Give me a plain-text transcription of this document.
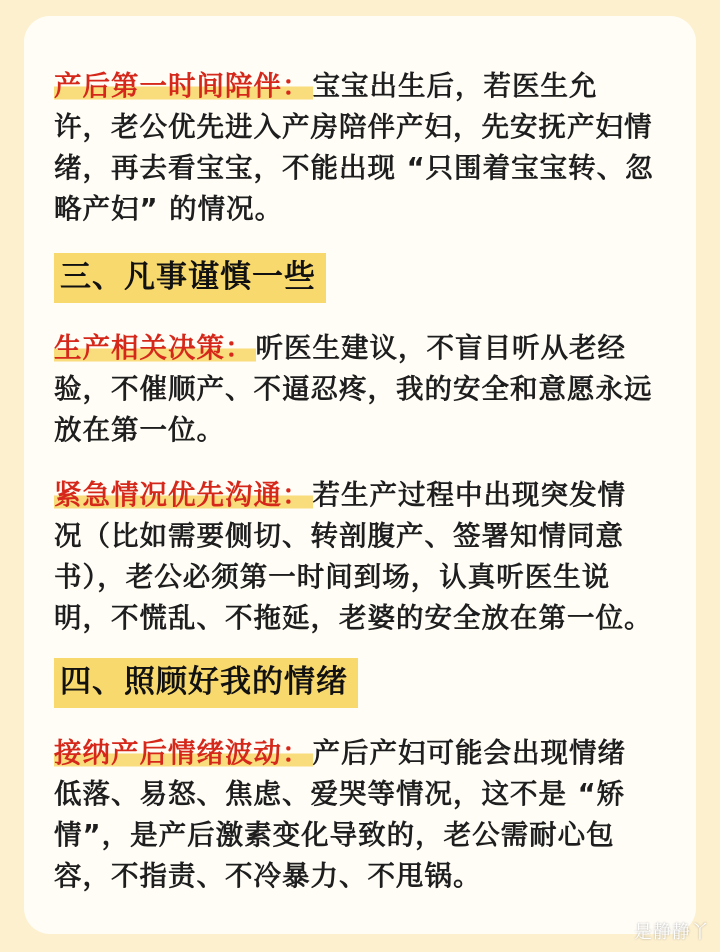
产后第一时间陪伴：宝宝出生后，若医生允许，老公优先进入产房陪伴产妇，先安抚产妇情绪，再去看宝宝，不能出现 “只围着宝宝转、忽略产妇” 的情况。

三、凡事谨慎一些

生产相关决策：听医生建议，不盲目听从老经验，不催顺产、不逼忍疼，我的安全和意愿永远放在第一位。

紧急情况优先沟通：若生产过程中出现突发情况（比如需要侧切、转剖腹产、签署知情同意书），老公必须第一时间到场，认真听医生说明，不慌乱、不拖延，老婆的安全放在第一位。

四、照顾好我的情绪

接纳产后情绪波动：产后产妇可能会出现情绪低落、易怒、焦虑、爱哭等情况，这不是 “矫情”，是产后激素变化导致的，老公需耐心包容，不指责、不冷暴力、不甩锅。

是静静丫
